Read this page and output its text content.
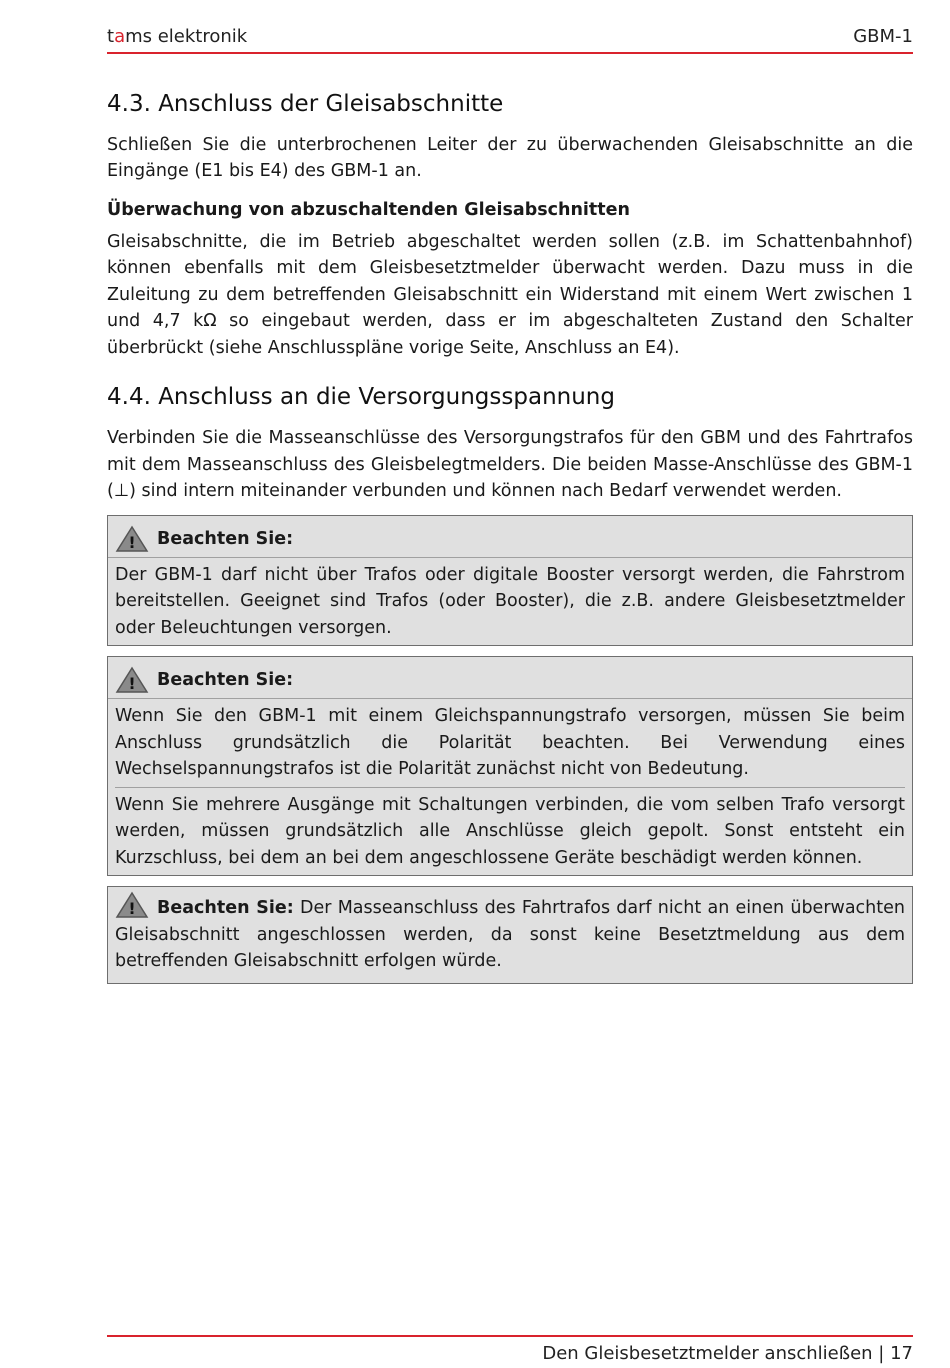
tams elektronik	GBM-1
4.3. Anschluss der Gleisabschnitte

Schließen Sie die unterbrochenen Leiter der zu überwachenden Gleisabschnitte an die Eingänge (E1 bis E4) des GBM-1 an.

Überwachung von abzuschaltenden Gleisabschnitten

Gleisabschnitte, die im Betrieb abgeschaltet werden sollen (z.B. im Schattenbahnhof) können ebenfalls mit dem Gleisbesetztmelder überwacht werden. Dazu muss in die Zuleitung zu dem betreffenden Gleisabschnitt ein Widerstand mit einem Wert zwischen 1 und 4,7 kΩ so eingebaut werden, dass er im abgeschalteten Zustand den Schalter überbrückt (siehe Anschlusspläne vorige Seite, Anschluss an E4).

4.4. Anschluss an die Versorgungsspannung

Verbinden Sie die Masseanschlüsse des Versorgungstrafos für den GBM und des Fahrtrafos mit dem Masseanschluss des Gleisbelegtmelders. Die beiden Masse-Anschlüsse des GBM-1 (⊥) sind intern miteinander verbunden und können nach Bedarf verwendet werden.

! Beachten Sie:

Der GBM-1 darf nicht über Trafos oder digitale Booster versorgt werden, die Fahrstrom bereitstellen. Geeignet sind Trafos (oder Booster), die z.B. andere Gleisbesetztmelder oder Beleuchtungen versorgen.

! Beachten Sie:

Wenn Sie den GBM-1 mit einem Gleichspannungstrafo versorgen, müssen Sie beim Anschluss grundsätzlich die Polarität beachten. Bei Verwendung eines Wechselspannungstrafos ist die Polarität zunächst nicht von Bedeutung.

Wenn Sie mehrere Ausgänge mit Schaltungen verbinden, die vom selben Trafo versorgt werden, müssen grundsätzlich alle Anschlüsse gleich gepolt. Sonst entsteht ein Kurzschluss, bei dem an bei dem angeschlossene Geräte beschädigt werden können.

! Beachten Sie: Der Masseanschluss des Fahrtrafos darf nicht an einen überwachten Gleisabschnitt angeschlossen werden, da sonst keine Besetztmeldung aus dem betreffenden Gleisabschnitt erfolgen würde.

Den Gleisbesetztmelder anschließen | 17
